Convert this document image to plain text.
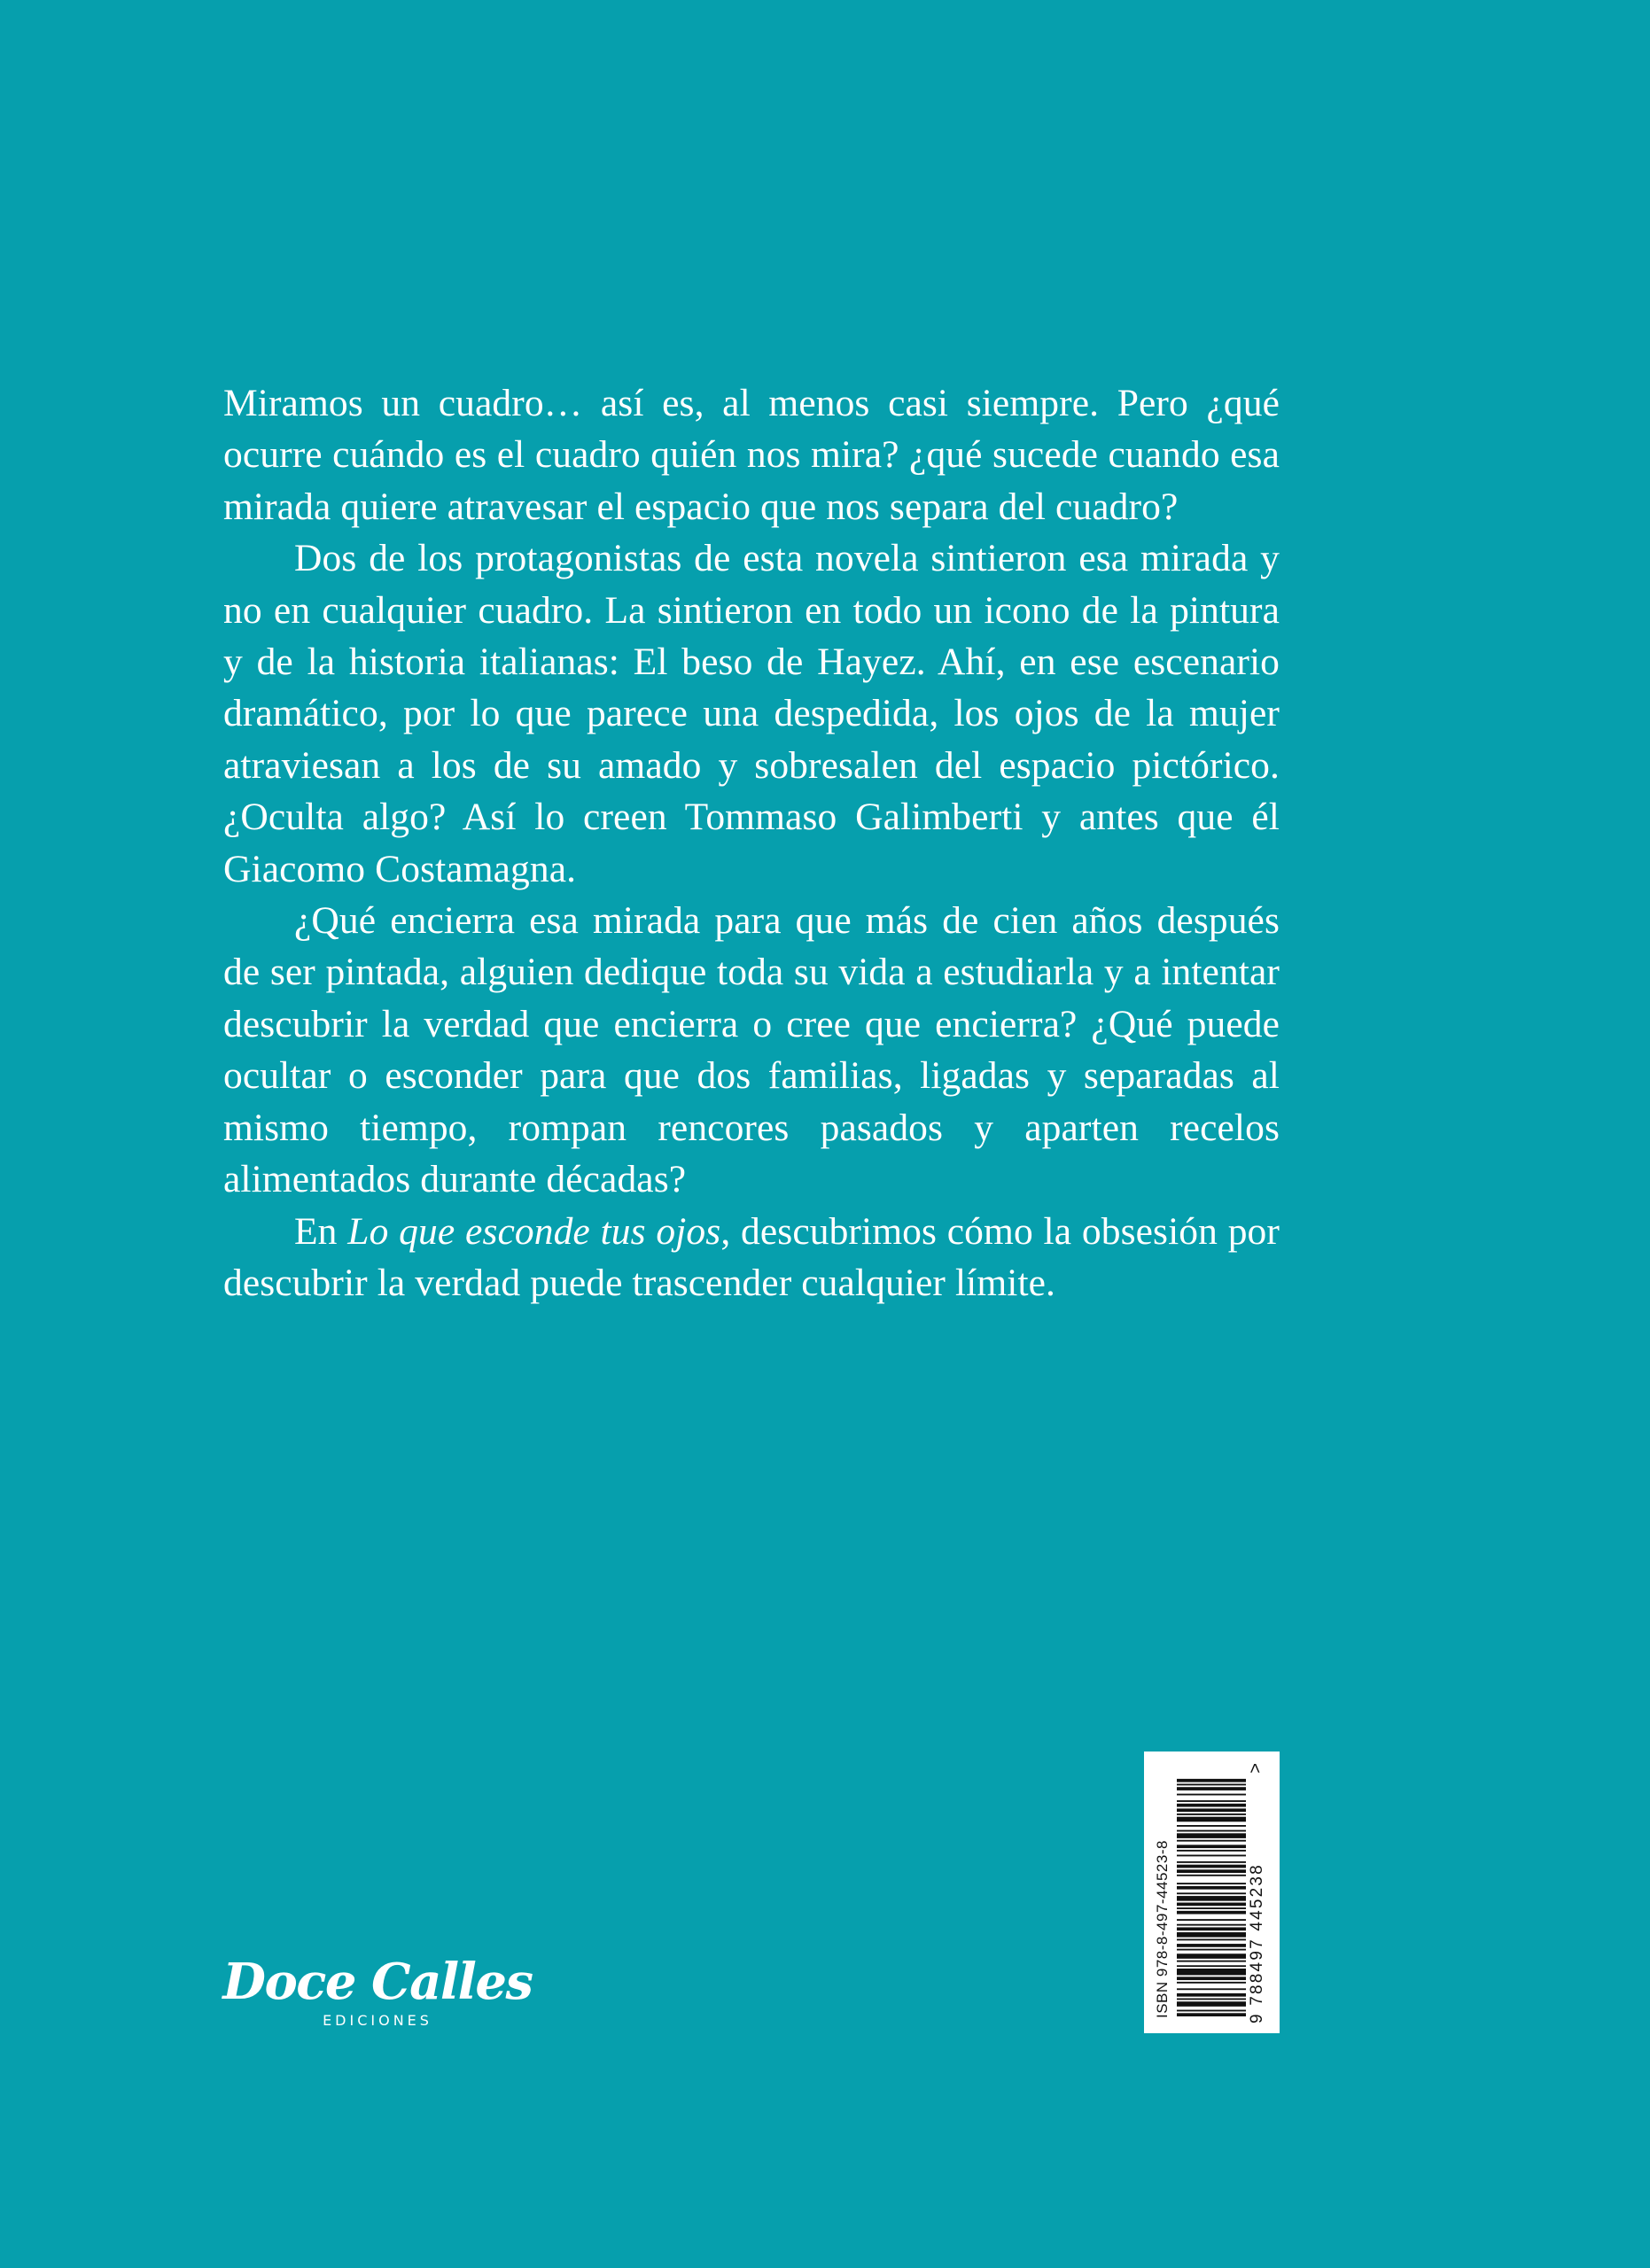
Miramos un cuadro… así es, al menos casi siempre. Pero ¿qué ocurre cuándo es el cuadro quién nos mira? ¿qué sucede cuando esa mirada quiere atravesar el espacio que nos separa del cuadro?

Dos de los protagonistas de esta novela sintieron esa mirada y no en cualquier cuadro. La sintieron en todo un icono de la pintura y de la historia italianas: El beso de Hayez. Ahí, en ese escenario dramático, por lo que parece una despedida, los ojos de la mujer atraviesan a los de su amado y sobresalen del espacio pictórico. ¿Oculta algo? Así lo creen Tommaso Galimberti y antes que él Giacomo Costamagna.

¿Qué encierra esa mirada para que más de cien años después de ser pintada, alguien dedique toda su vida a estudiarla y a intentar descubrir la verdad que encierra o cree que encierra? ¿Qué puede ocultar o esconder para que dos familias, ligadas y separadas al mismo tiempo, rompan rencores pasados y aparten recelos alimentados durante décadas?

En Lo que esconde tus ojos, descubrimos cómo la obsesión por descubrir la verdad puede trascender cualquier límite.

Doce Calles
EDICIONES
ISBN 978-8-497-44523-8	9 788497 445238
>
